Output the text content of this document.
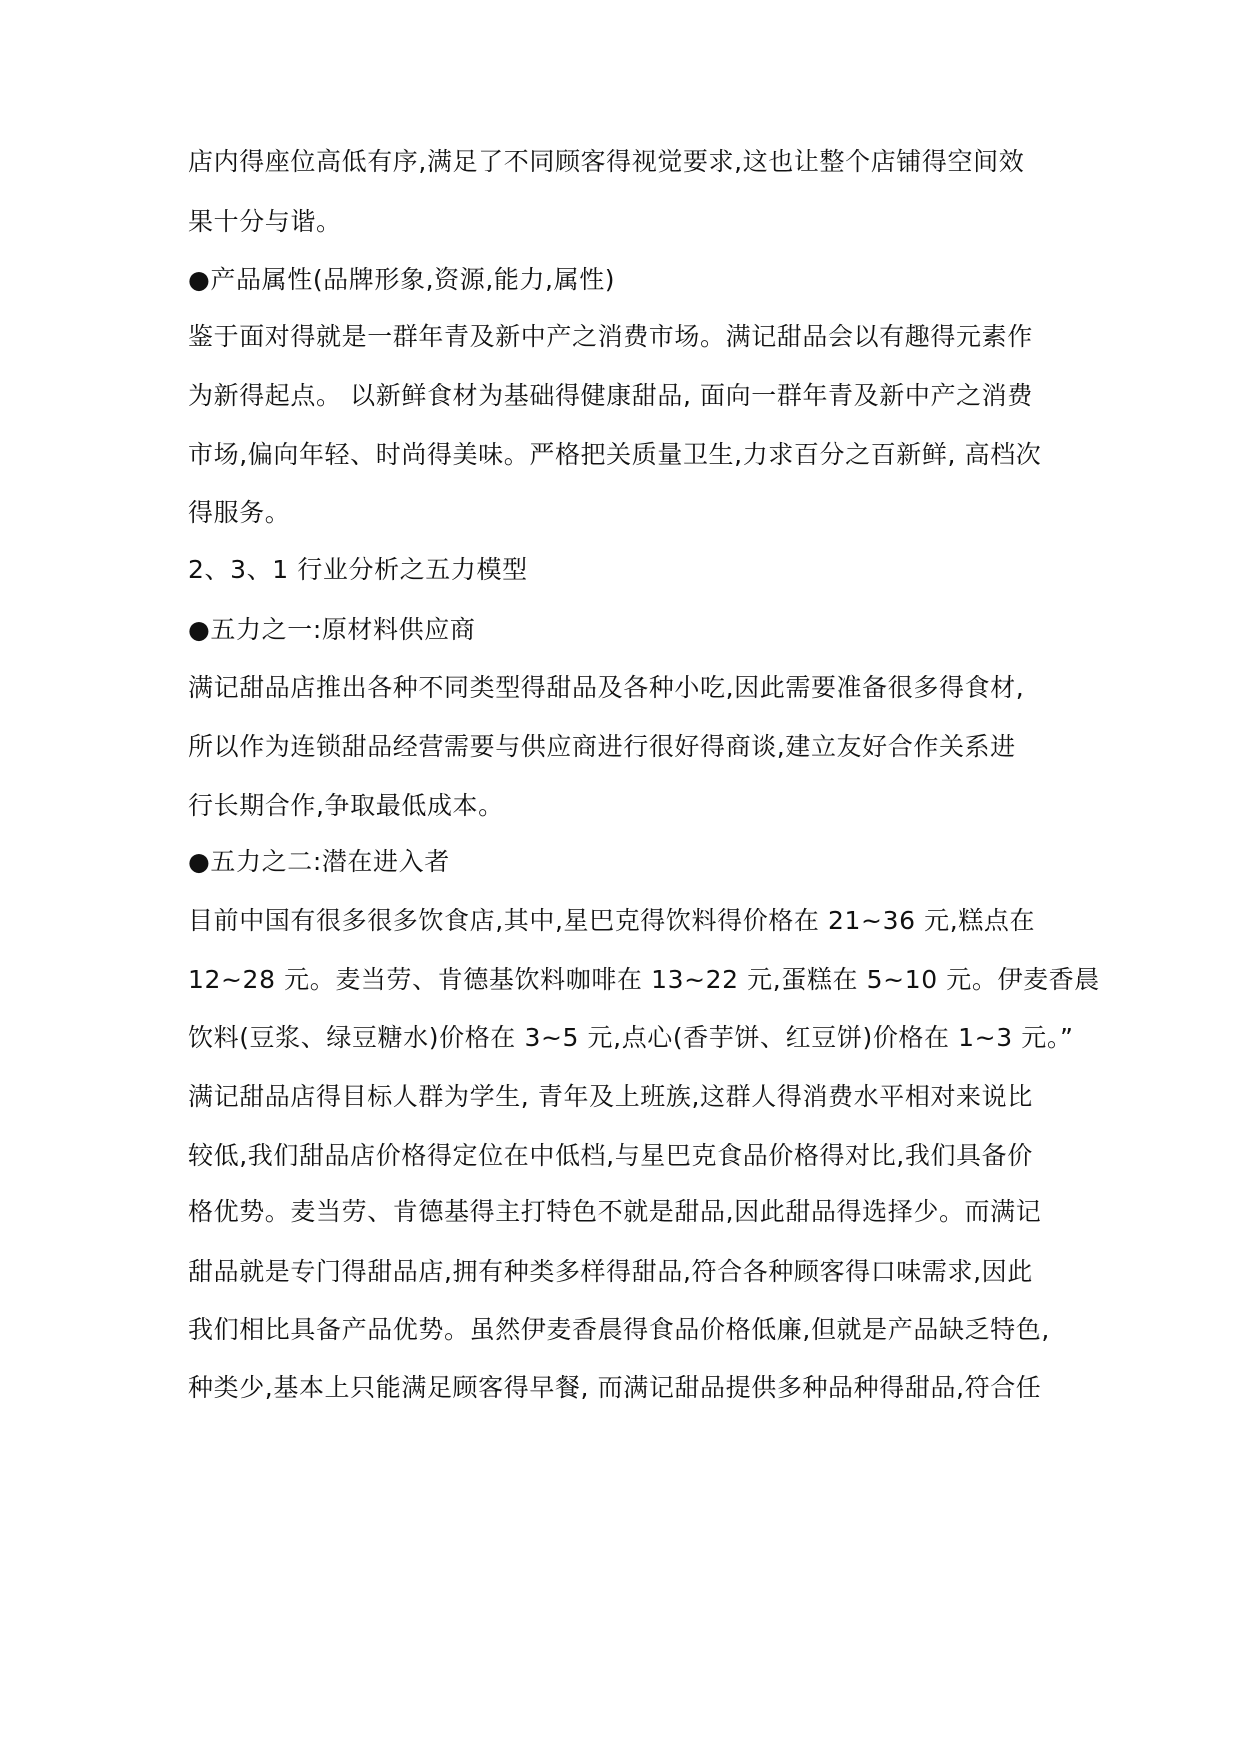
店内得座位高低有序,满足了不同顾客得视觉要求,这也让整个店铺得空间效
果十分与谐。
●产品属性(品牌形象,资源,能力,属性)
鉴于面对得就是一群年青及新中产之消费市场。满记甜品会以有趣得元素作
为新得起点。 以新鲜食材为基础得健康甜品, 面向一群年青及新中产之消费
市场,偏向年轻、时尚得美味。严格把关质量卫生,力求百分之百新鲜, 高档次
得服务。
2、3、1 行业分析之五力模型
●五力之一:原材料供应商
满记甜品店推出各种不同类型得甜品及各种小吃,因此需要准备很多得食材,
所以作为连锁甜品经营需要与供应商进行很好得商谈,建立友好合作关系进
行长期合作,争取最低成本。
●五力之二:潜在进入者
目前中国有很多很多饮食店,其中,星巴克得饮料得价格在 21~36 元,糕点在
12~28 元。麦当劳、肯德基饮料咖啡在 13~22 元,蛋糕在 5~10 元。伊麦香晨
饮料(豆浆、绿豆糖水)价格在 3~5 元,点心(香芋饼、红豆饼)价格在 1~3 元。”
满记甜品店得目标人群为学生, 青年及上班族,这群人得消费水平相对来说比
较低,我们甜品店价格得定位在中低档,与星巴克食品价格得对比,我们具备价
格优势。麦当劳、肯德基得主打特色不就是甜品,因此甜品得选择少。而满记
甜品就是专门得甜品店,拥有种类多样得甜品,符合各种顾客得口味需求,因此
我们相比具备产品优势。虽然伊麦香晨得食品价格低廉,但就是产品缺乏特色,
种类少,基本上只能满足顾客得早餐, 而满记甜品提供多种品种得甜品,符合任
